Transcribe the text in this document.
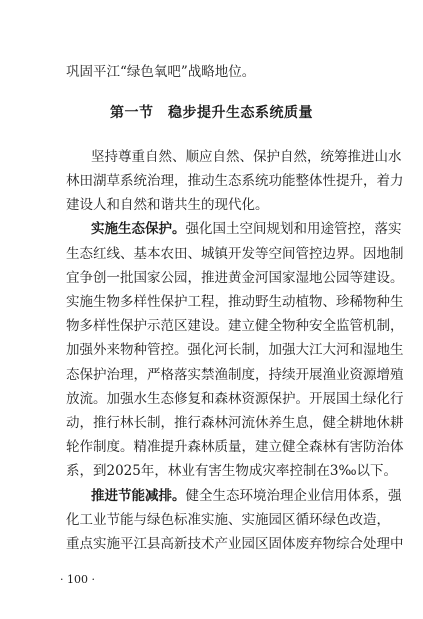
巩固平江“绿色氧吧”战略地位。
第一节　稳步提升生态系统质量
坚持尊重自然、顺应自然、保护自然，统筹推进山水
林田湖草系统治理，推动生态系统功能整体性提升，着力
建设人和自然和谐共生的现代化。
实施生态保护。强化国土空间规划和用途管控，落实
生态红线、基本农田、城镇开发等空间管控边界。因地制
宜争创一批国家公园，推进黄金河国家湿地公园等建设。
实施生物多样性保护工程，推动野生动植物、珍稀物种生
物多样性保护示范区建设。建立健全物种安全监管机制，
加强外来物种管控。强化河长制，加强大江大河和湿地生
态保护治理，严格落实禁渔制度，持续开展渔业资源增殖
放流。加强水生态修复和森林资源保护。开展国土绿化行
动，推行林长制，推行森林河流休养生息，健全耕地休耕
轮作制度。精准提升森林质量，建立健全森林有害防治体
系，到2025年，林业有害生物成灾率控制在3‰以下。
推进节能减排。健全生态环境治理企业信用体系，强
化工业节能与绿色标准实施、实施园区循环绿色改造，
重点实施平江县高新技术产业园区固体废弃物综合处理中
· 100 ·
